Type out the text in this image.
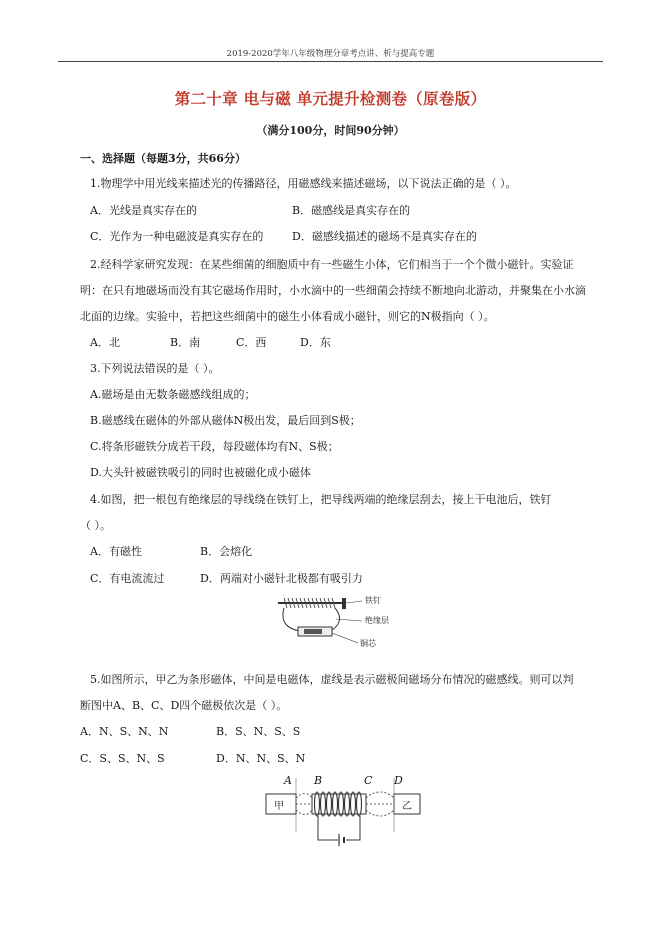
2019-2020学年八年级物理分章考点讲、析与提高专题
第二十章 电与磁 单元提升检测卷（原卷版）
（满分100分，时间90分钟）
一、选择题（每题3分，共66分）
1.物理学中用光线来描述光的传播路径，用磁感线来描述磁场，以下说法正确的是（ ）。
A．光线是真实存在的	B．磁感线是真实存在的
C．光作为一种电磁波是真实存在的	D．磁感线描述的磁场不是真实存在的
2.经科学家研究发现：在某些细菌的细胞质中有一些磁生小体，它们相当于一个个微小磁针。实验证
明：在只有地磁场而没有其它磁场作用时，小水滴中的一些细菌会持续不断地向北游动，并聚集在小水滴
北面的边缘。实验中，若把这些细菌中的磁生小体看成小磁针，则它的N极指向（ ）。
A．北	B．南	C．西	D．东
3.下列说法错误的是（ ）。
A.磁场是由无数条磁感线组成的；
B.磁感线在磁体的外部从磁体N极出发，最后回到S极；
C.将条形磁铁分成若干段，每段磁体均有N、S极；
D.大头针被磁铁吸引的同时也被磁化成小磁体
4.如图，把一根包有绝缘层的导线绕在铁钉上，把导线两端的绝缘层刮去，接上干电池后，铁钉
（ ）。
A．有磁性	B．会熔化
C．有电流流过	D．两端对小磁针北极都有吸引力
铁钉
绝缘层
铜芯
5.如图所示，甲乙为条形磁体，中间是电磁体，虚线是表示磁极间磁场分布情况的磁感线。则可以判
断图中A、B、C、D四个磁极依次是（ ）。
A．N、S、N、N	B．S、N、S、S
C．S、S、N、S	D．N、N、S、N
A B	C D
甲	乙
